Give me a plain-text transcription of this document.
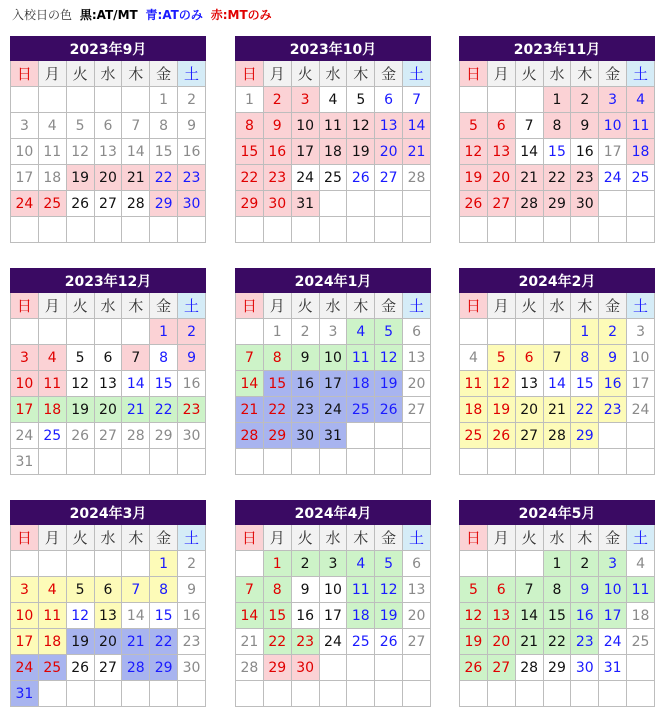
入校日の色 黒:AT/MT 青:ATのみ 赤:MTのみ
2023年9月						
日	月	火	水	木	金	土
					1	2
3	4	5	6	7	8	9
10	11	12	13	14	15	16
17	18	19	20	21	22	23
24	25	26	27	28	29	30

2023年10月						
日	月	火	水	木	金	土
1	2	3	4	5	6	7
8	9	10	11	12	13	14
15	16	17	18	19	20	21
22	23	24	25	26	27	28
29	30	31				

2023年11月						
日	月	火	水	木	金	土
			1	2	3	4
5	6	7	8	9	10	11
12	13	14	15	16	17	18
19	20	21	22	23	24	25
26	27	28	29	30		

2023年12月						
日	月	火	水	木	金	土
					1	2
3	4	5	6	7	8	9
10	11	12	13	14	15	16
17	18	19	20	21	22	23
24	25	26	27	28	29	30
31						
2024年1月						
日	月	火	水	木	金	土
	1	2	3	4	5	6
7	8	9	10	11	12	13
14	15	16	17	18	19	20
21	22	23	24	25	26	27
28	29	30	31			

2024年2月						
日	月	火	水	木	金	土
				1	2	3
4	5	6	7	8	9	10
11	12	13	14	15	16	17
18	19	20	21	22	23	24
25	26	27	28	29		

2024年3月						
日	月	火	水	木	金	土
					1	2
3	4	5	6	7	8	9
10	11	12	13	14	15	16
17	18	19	20	21	22	23
24	25	26	27	28	29	30
31						
2024年4月						
日	月	火	水	木	金	土
	1	2	3	4	5	6
7	8	9	10	11	12	13
14	15	16	17	18	19	20
21	22	23	24	25	26	27
28	29	30				

2024年5月						
日	月	火	水	木	金	土
			1	2	3	4
5	6	7	8	9	10	11
12	13	14	15	16	17	18
19	20	21	22	23	24	25
26	27	28	29	30	31	
